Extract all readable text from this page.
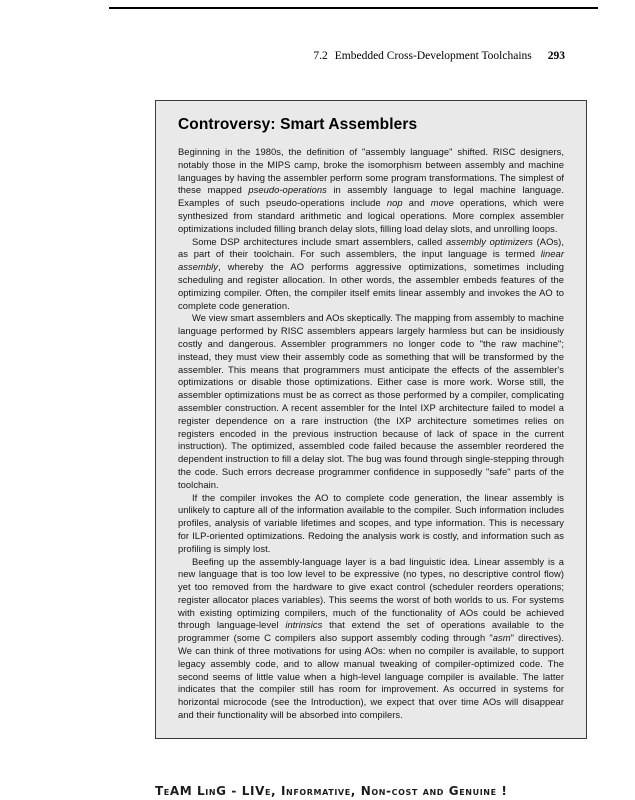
7.2 Embedded Cross-Development Toolchains 293
Controversy: Smart Assemblers

Beginning in the 1980s, the definition of "assembly language" shifted. RISC designers, notably those in the MIPS camp, broke the isomorphism between assembly and machine languages by having the assembler perform some program transformations. The simplest of these mapped pseudo-operations in assembly language to legal machine language. Examples of such pseudo-operations include nop and move operations, which were synthesized from standard arithmetic and logical operations. More complex assembler optimizations included filling branch delay slots, filling load delay slots, and unrolling loops.

Some DSP architectures include smart assemblers, called assembly optimizers (AOs), as part of their toolchain. For such assemblers, the input language is termed linear assembly, whereby the AO performs aggressive optimizations, sometimes including scheduling and register allocation. In other words, the assembler embeds features of the optimizing compiler. Often, the compiler itself emits linear assembly and invokes the AO to complete code generation.

We view smart assemblers and AOs skeptically. The mapping from assembly to machine language performed by RISC assemblers appears largely harmless but can be insidiously costly and dangerous. Assembler programmers no longer code to "the raw machine"; instead, they must view their assembly code as something that will be transformed by the assembler. This means that programmers must anticipate the effects of the assembler's optimizations or disable those optimizations. Either case is more work. Worse still, the assembler optimizations must be as correct as those performed by a compiler, complicating assembler construction. A recent assembler for the Intel IXP architecture failed to model a register dependence on a rare instruction (the IXP architecture sometimes relies on registers encoded in the previous instruction because of lack of space in the current instruction). The optimized, assembled code failed because the assembler reordered the dependent instruction to fill a delay slot. The bug was found through single-stepping through the code. Such errors decrease programmer confidence in supposedly "safe" parts of the toolchain.

If the compiler invokes the AO to complete code generation, the linear assembly is unlikely to capture all of the information available to the compiler. Such information includes profiles, analysis of variable lifetimes and scopes, and type information. This is necessary for ILP-oriented optimizations. Redoing the analysis work is costly, and information such as profiling is simply lost.

Beefing up the assembly-language layer is a bad linguistic idea. Linear assembly is a new language that is too low level to be expressive (no types, no descriptive control flow) yet too removed from the hardware to give exact control (scheduler reorders operations; register allocator places variables). This seems the worst of both worlds to us. For systems with existing optimizing compilers, much of the functionality of AOs could be achieved through language-level intrinsics that extend the set of operations available to the programmer (some C compilers also support assembly coding through "asm" directives). We can think of three motivations for using AOs: when no compiler is available, to support legacy assembly code, and to allow manual tweaking of compiler-optimized code. The second seems of little value when a high-level language compiler is available. The latter indicates that the compiler still has room for improvement. As occurred in systems for horizontal microcode (see the Introduction), we expect that over time AOs will disappear and their functionality will be absorbed into compilers.

TeAM LinG - LIVe, Informative, Non-cost and Genuine !
